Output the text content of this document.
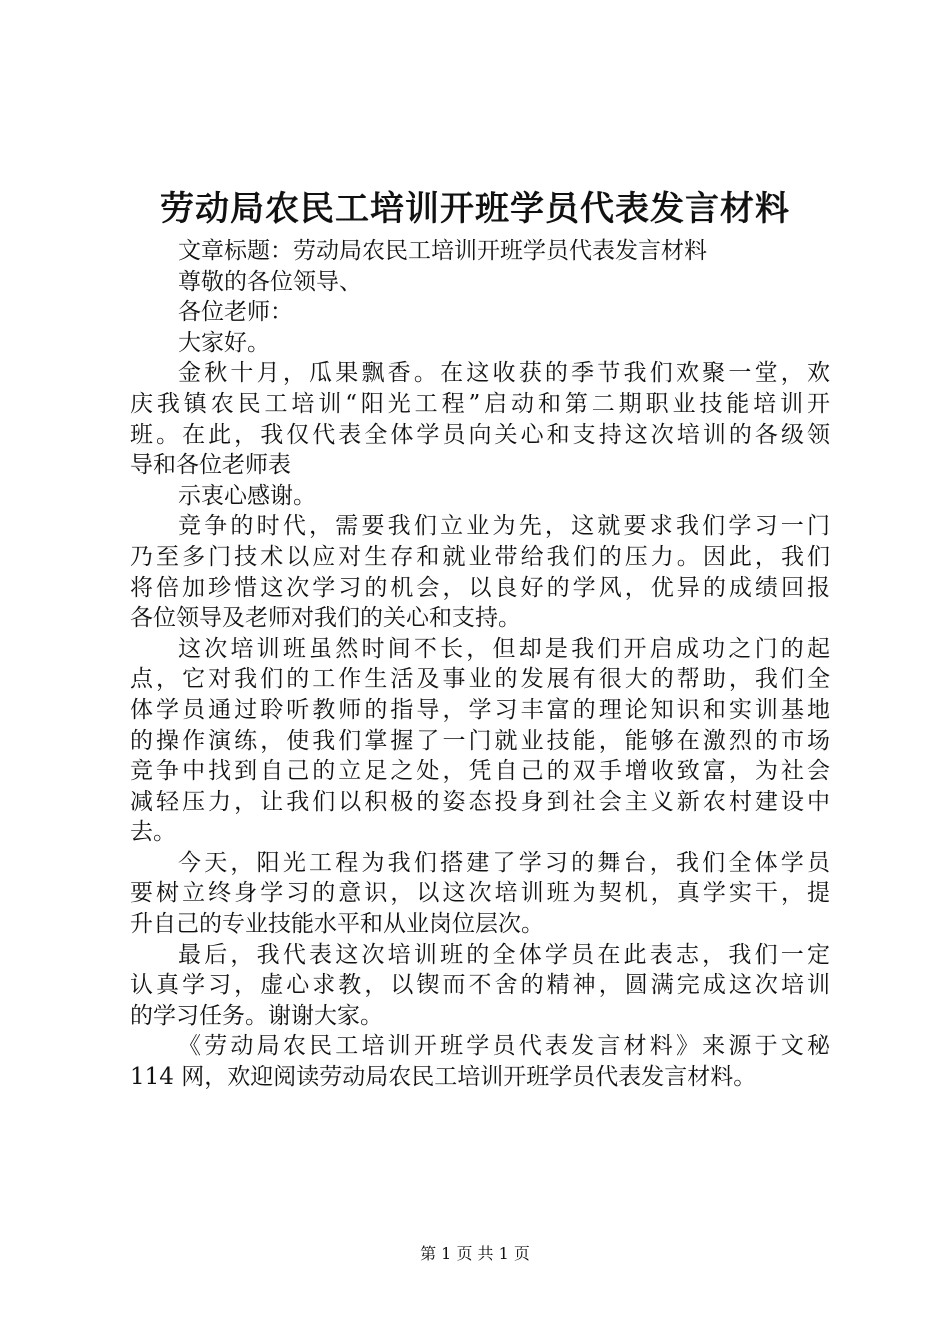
劳动局农民工培训开班学员代表发言材料
文章标题：劳动局农民工培训开班学员代表发言材料
尊敬的各位领导、
各位老师：
大家好。
金秋十月，瓜果飘香。在这收获的季节我们欢聚一堂，欢
庆我镇农民工培训“阳光工程”启动和第二期职业技能培训开
班。在此，我仅代表全体学员向关心和支持这次培训的各级领
导和各位老师表
示衷心感谢。
竞争的时代，需要我们立业为先，这就要求我们学习一门
乃至多门技术以应对生存和就业带给我们的压力。因此，我们
将倍加珍惜这次学习的机会，以良好的学风，优异的成绩回报
各位领导及老师对我们的关心和支持。
这次培训班虽然时间不长，但却是我们开启成功之门的起
点，它对我们的工作生活及事业的发展有很大的帮助，我们全
体学员通过聆听教师的指导，学习丰富的理论知识和实训基地
的操作演练，使我们掌握了一门就业技能，能够在激烈的市场
竞争中找到自己的立足之处，凭自己的双手增收致富，为社会
减轻压力，让我们以积极的姿态投身到社会主义新农村建设中
去。
今天，阳光工程为我们搭建了学习的舞台，我们全体学员
要树立终身学习的意识，以这次培训班为契机，真学实干，提
升自己的专业技能水平和从业岗位层次。
最后，我代表这次培训班的全体学员在此表志，我们一定
认真学习，虚心求教，以锲而不舍的精神，圆满完成这次培训
的学习任务。谢谢大家。
《劳动局农民工培训开班学员代表发言材料》来源于文秘
114 网，欢迎阅读劳动局农民工培训开班学员代表发言材料。
第 1 页 共 1 页
